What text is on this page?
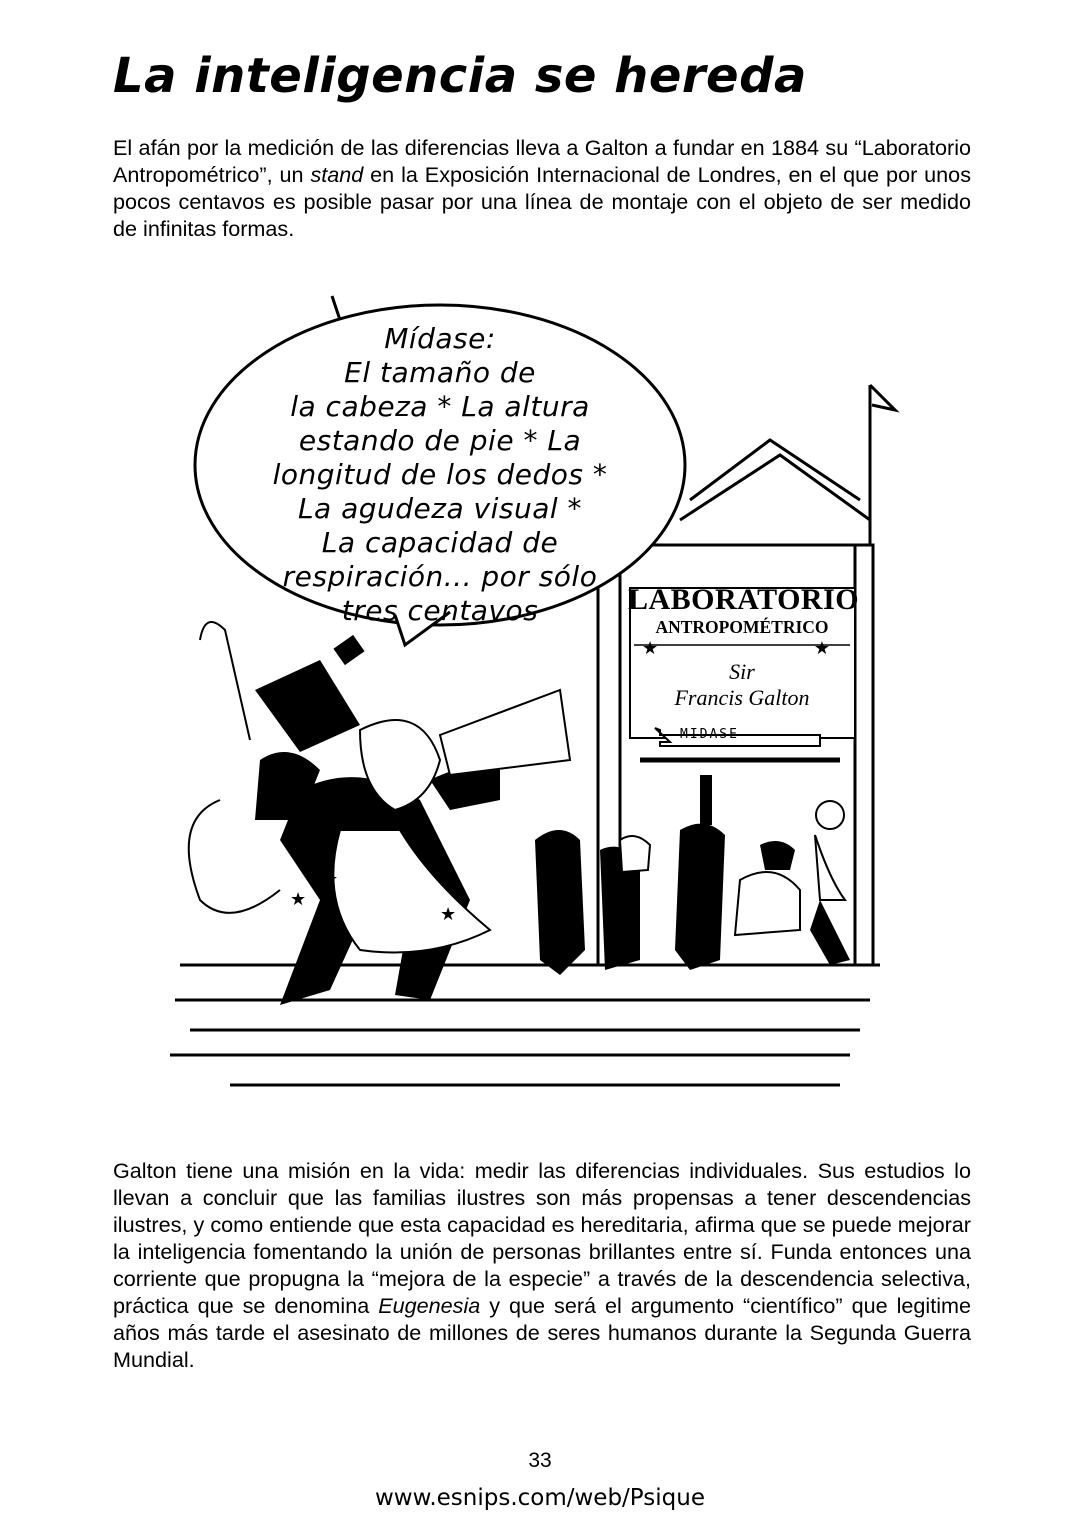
La inteligencia se hereda

El afán por la medición de las diferencias lleva a Galton a fundar en 1884 su “Laboratorio Antropométrico”, un stand en la Exposición Internacional de Londres, en el que por unos pocos centavos es posible pasar por una línea de montaje con el objeto de ser medido de infinitas formas.

★
★
★
★
Mídase:
El tamaño de
la cabeza * La altura
estando de pie * La
longitud de los dedos *
La agudeza visual *
La capacidad de
respiración... por sólo
tres centavos	LABORATORIO
ANTROPOMÉTRICO
★	★
Sir
Francis Galton
MIDASE

Galton tiene una misión en la vida: medir las diferencias individuales. Sus estudios lo llevan a concluir que las familias ilustres son más propensas a tener descendencias ilustres, y como entiende que esta capacidad es hereditaria, afirma que se puede mejorar la inteligencia fomentando la unión de personas brillantes entre sí. Funda entonces una corriente que propugna la “mejora de la especie” a través de la descendencia selectiva, práctica que se denomina Eugenesia y que será el argumento “científico” que legitime años más tarde el asesinato de millones de seres humanos durante la Segunda Guerra Mundial.

33
www.esnips.com/web/Psique
